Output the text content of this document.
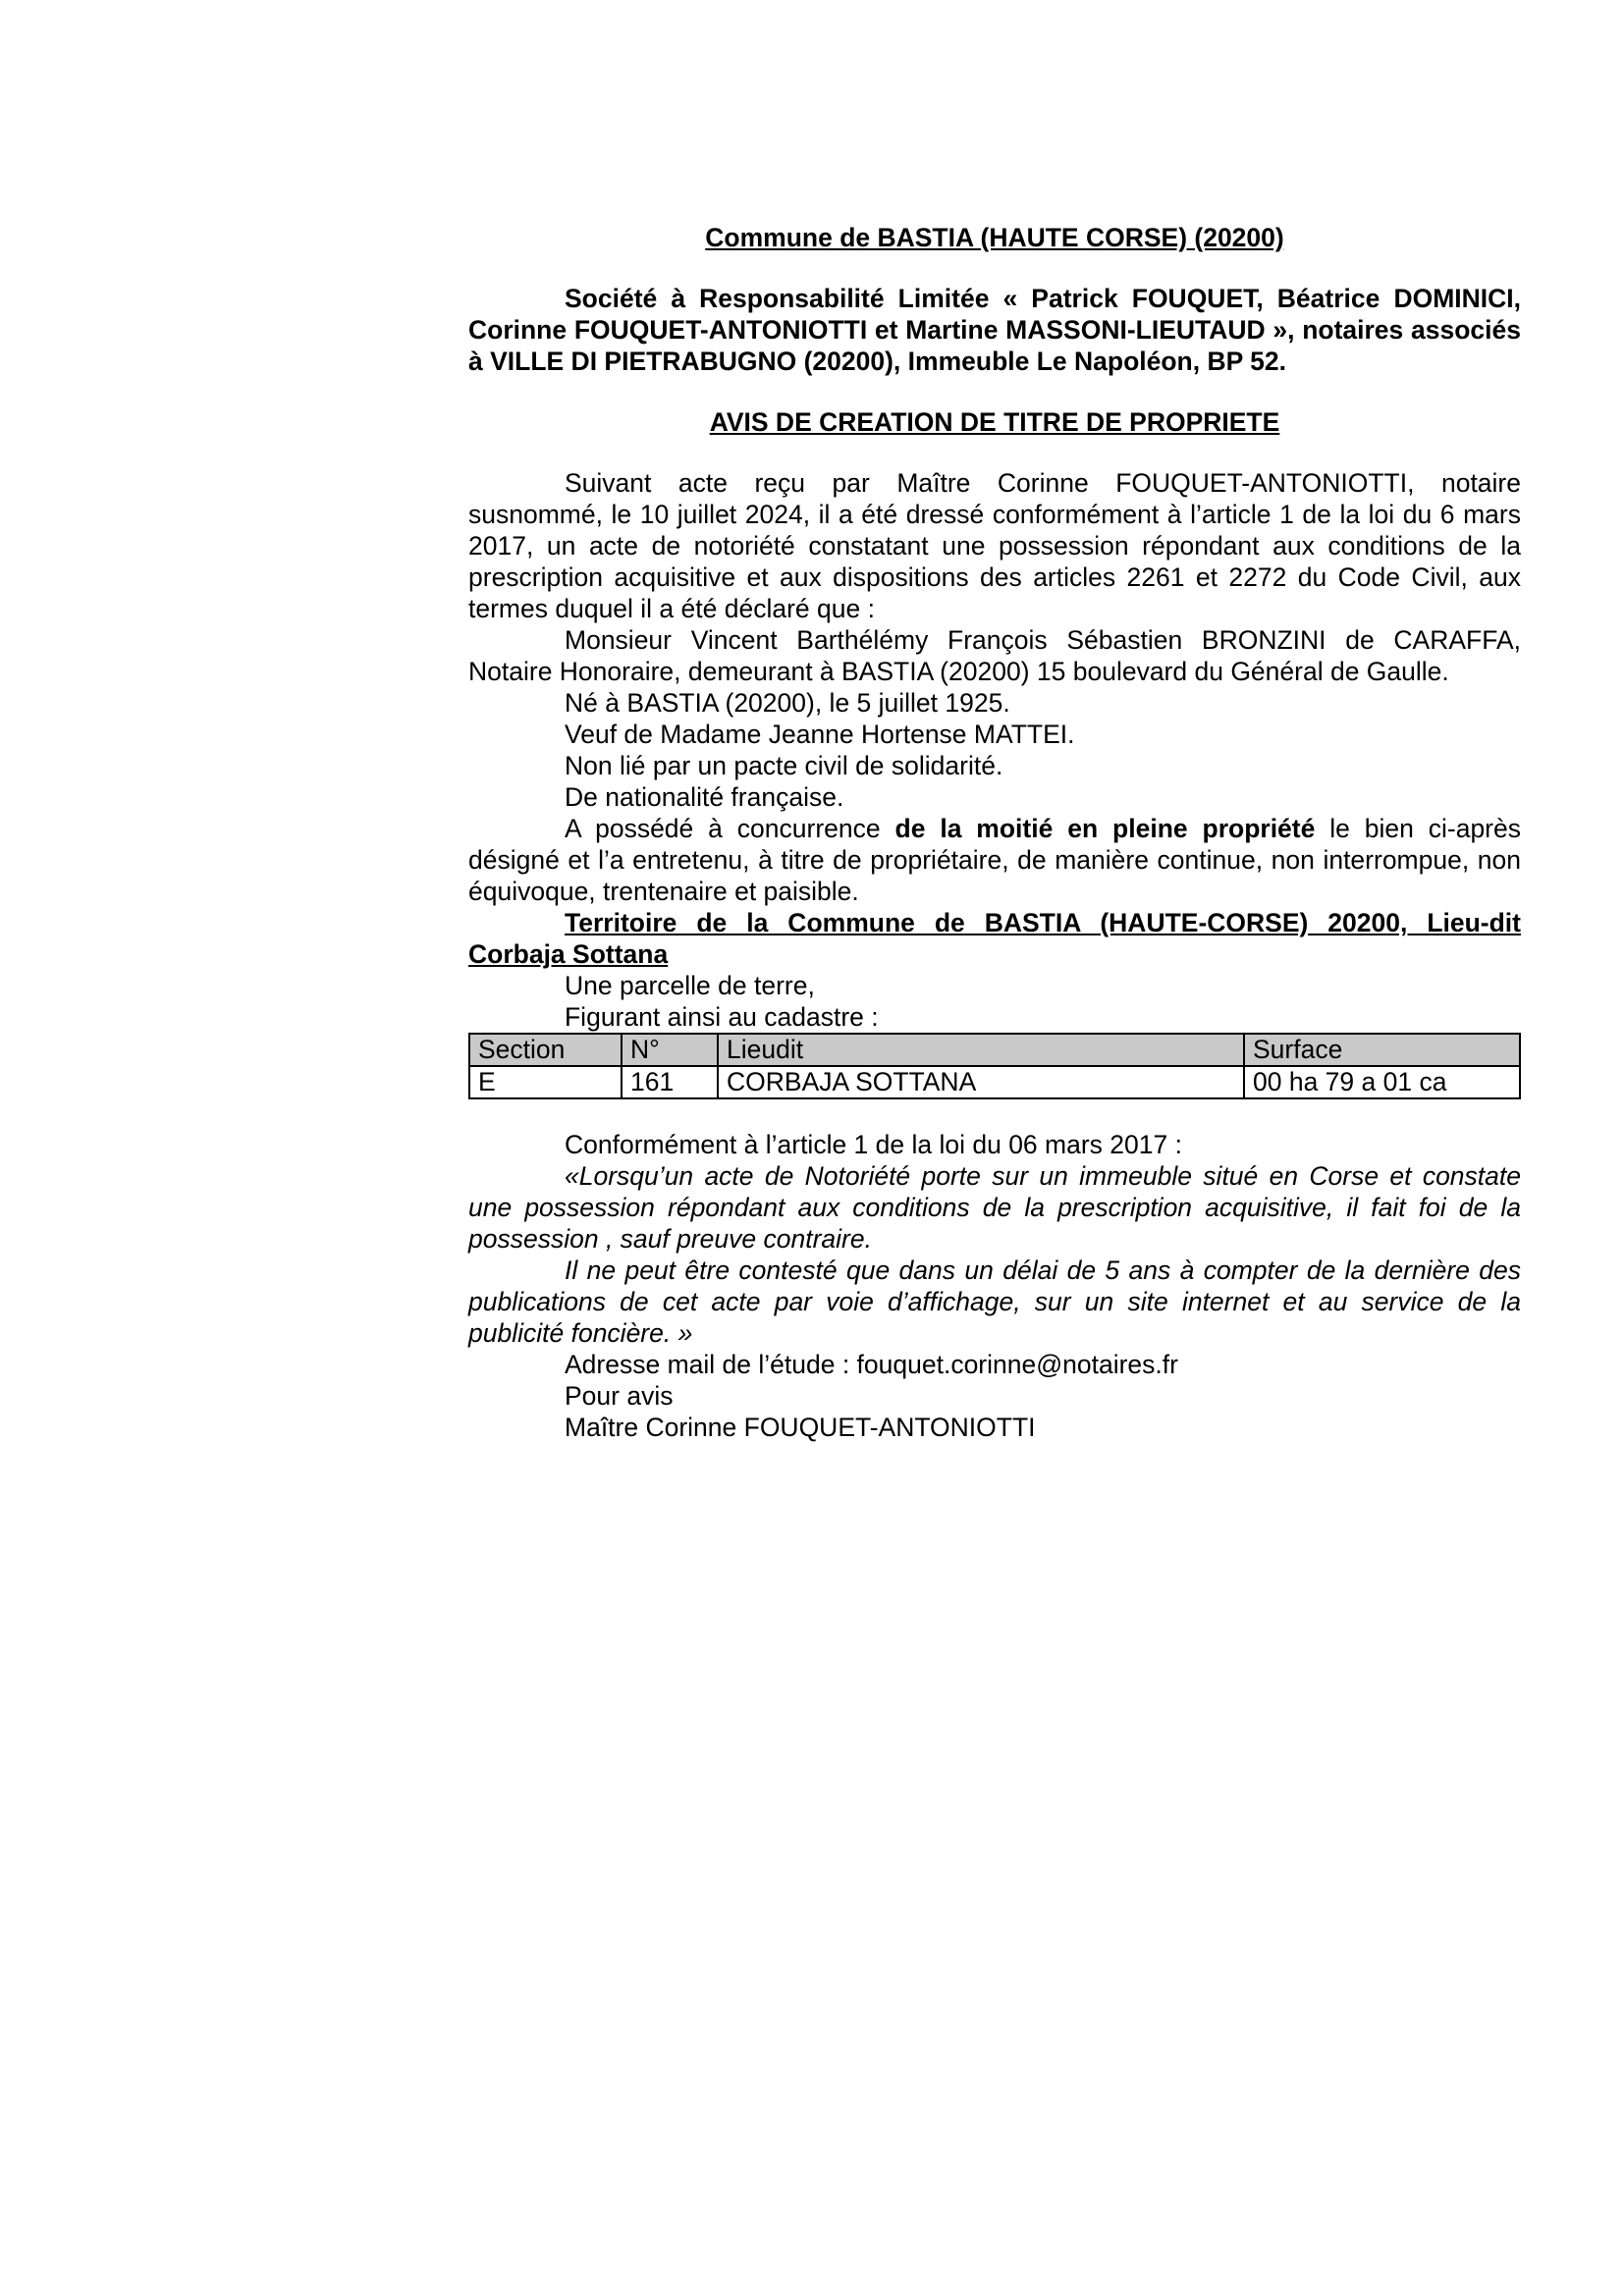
Commune de BASTIA (HAUTE CORSE) (20200)

Société à Responsabilité Limitée « Patrick FOUQUET, Béatrice DOMINICI, Corinne FOUQUET-ANTONIOTTI et Martine MASSONI-LIEUTAUD », notaires associés à VILLE DI PIETRABUGNO (20200), Immeuble Le Napoléon, BP 52.

AVIS DE CREATION DE TITRE DE PROPRIETE

Suivant acte reçu par Maître Corinne FOUQUET-ANTONIOTTI, notaire susnommé, le 10 juillet 2024, il a été dressé conformément à l’article 1 de la loi du 6 mars 2017, un acte de notoriété constatant une possession répondant aux conditions de la prescription acquisitive et aux dispositions des articles 2261 et 2272 du Code Civil, aux termes duquel il a été déclaré que :

Monsieur Vincent Barthélémy François Sébastien BRONZINI de CARAFFA, Notaire Honoraire, demeurant à BASTIA (20200) 15 boulevard du Général de Gaulle.

Né à BASTIA (20200), le 5 juillet 1925.

Veuf de Madame Jeanne Hortense MATTEI.

Non lié par un pacte civil de solidarité.

De nationalité française.

A possédé à concurrence de la moitié en pleine propriété le bien ci-après désigné et l’a entretenu, à titre de propriétaire, de manière continue, non interrompue, non équivoque, trentenaire et paisible.

Territoire de la Commune de BASTIA (HAUTE-CORSE) 20200, Lieu-dit Corbaja Sottana

Une parcelle de terre,

Figurant ainsi au cadastre :

Section	N°	Lieudit	Surface
E	161	CORBAJA SOTTANA	00 ha 79 a 01 ca

Conformément à l’article 1 de la loi du 06 mars 2017 :

«Lorsqu’un acte de Notoriété porte sur un immeuble situé en Corse et constate une possession répondant aux conditions de la prescription acquisitive, il fait foi de la possession , sauf preuve contraire.

Il ne peut être contesté que dans un délai de 5 ans à compter de la dernière des publications de cet acte par voie d’affichage, sur un site internet et au service de la publicité foncière. »

Adresse mail de l’étude : fouquet.corinne@notaires.fr

Pour avis

Maître Corinne FOUQUET-ANTONIOTTI
